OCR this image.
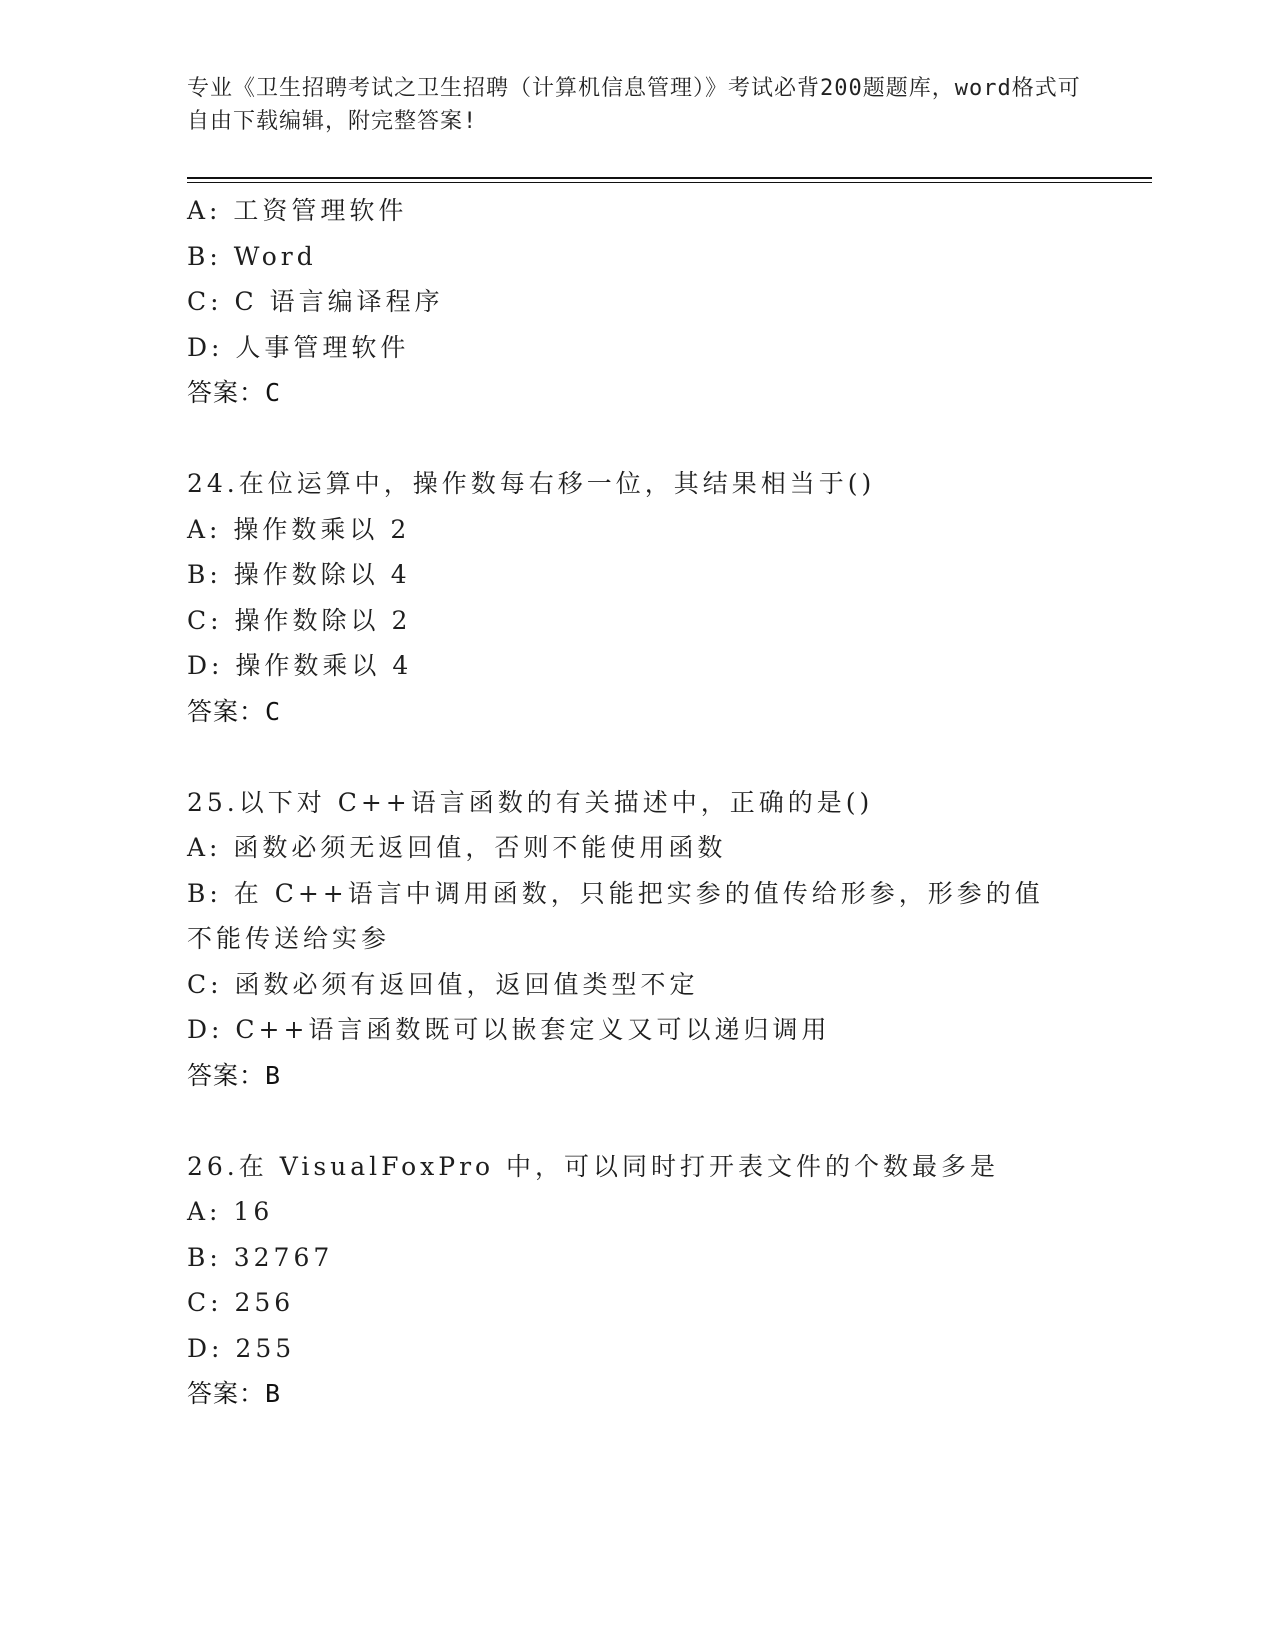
专业《卫生招聘考试之卫生招聘（计算机信息管理）》考试必背200题题库，word格式可自由下载编辑，附完整答案!
A: 工资管理软件
B: Word
C: C 语言编译程序
D: 人事管理软件
答案：C
24.在位运算中，操作数每右移一位，其结果相当于()
A: 操作数乘以 2
B: 操作数除以 4
C: 操作数除以 2
D: 操作数乘以 4
答案：C
25.以下对 C++语言函数的有关描述中，正确的是()
A: 函数必须无返回值，否则不能使用函数
B: 在 C++语言中调用函数，只能把实参的值传给形参，形参的值不能传送给实参
C: 函数必须有返回值，返回值类型不定
D: C++语言函数既可以嵌套定义又可以递归调用
答案：B
26.在 VisualFoxPro 中，可以同时打开表文件的个数最多是
A: 16
B: 32767
C: 256
D: 255
答案：B
